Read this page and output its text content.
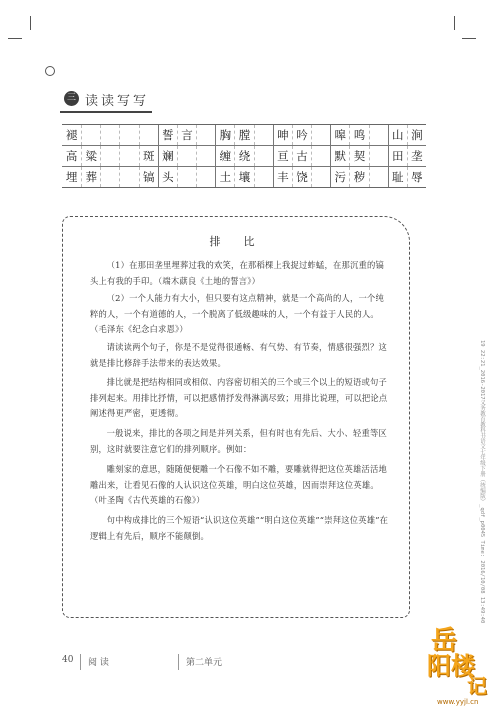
三 读读写写
褪	誓 言	胸 膛	呻 吟	嗥 鸣	山 涧
高 粱	斑 斓	缠 绕	亘 古	默 契	田 垄
埋 葬	镐 头	土 壤	丰 饶	污 秽	耻 辱
排　比

（1）在那田垄里埋葬过我的欢笑，在那稻棵上我捉过蚱蜢，在那沉重的镐头上有我的手印。（端木蕻良《土地的誓言》）

（2）一个人能力有大小，但只要有这点精神，就是一个高尚的人，一个纯粹的人，一个有道德的人，一个脱离了低级趣味的人，一个有益于人民的人。（毛泽东《纪念白求恩》）

请读读两个句子，你是不是觉得很通畅、有气势、有节奏，情感很强烈？这就是排比修辞手法带来的表达效果。

排比就是把结构相同或相似、内容密切相关的三个或三个以上的短语或句子排列起来。用排比抒情，可以把感情抒发得淋漓尽致；用排比说理，可以把论点阐述得更严密，更透彻。

一般说来，排比的各项之间是并列关系，但有时也有先后、大小、轻重等区别，这时就要注意它们的排列顺序。例如：

雕刻家的意思，随随便便雕一个石像不如不雕，要雕就得把这位英雄活活地雕出来，让看见石像的人认识这位英雄，明白这位英雄，因而崇拜这位英雄。（叶圣陶《古代英雄的石像》）

句中构成排比的三个短语“认识这位英雄”“明白这位英雄”“崇拜这位英雄”在逻辑上有先后，顺序不能颠倒。

40 阅 读	第二单元
19 22:21_2016-2017义务教育教科书语文七年级下册（统编版）_qdf_p0045 Time: 2016/10/08 13:49:40
岳
阳楼
记
www.yyjl.cn
